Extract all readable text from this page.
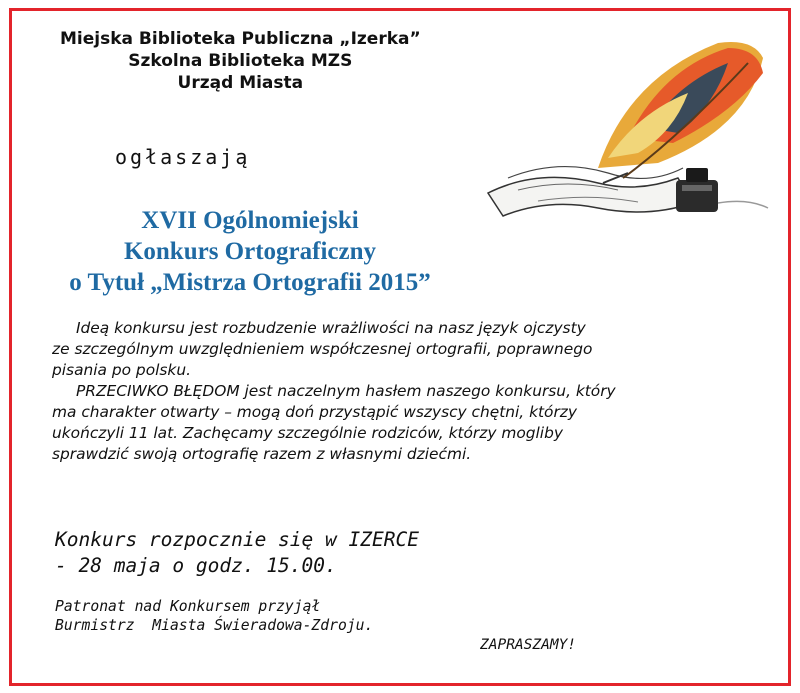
Miejska Biblioteka Publiczna „Izerka”
Szkolna Biblioteka MZS
Urząd Miasta
ogłaszają
XVII Ogólnomiejski
Konkurs Ortograficzny
o Tytuł „Mistrza Ortografii 2015”

Ideą konkursu jest rozbudzenie wrażliwości na nasz język ojczysty

ze szczególnym uwzględnieniem współczesnej ortografii, poprawnego

pisania po polsku.

PRZECIWKO BŁĘDOM jest naczelnym hasłem naszego konkursu, który

ma charakter otwarty – mogą doń przystąpić wszyscy chętni, którzy

ukończyli 11 lat. Zachęcamy szczególnie rodziców, którzy mogliby

sprawdzić swoją ortografię razem z własnymi dziećmi.

Konkurs rozpocznie się w IZERCE
- 28 maja o godz. 15.00.
Patronat nad Konkursem przyjął
Burmistrz  Miasta Świeradowa-Zdroju.
ZAPRASZAMY!
